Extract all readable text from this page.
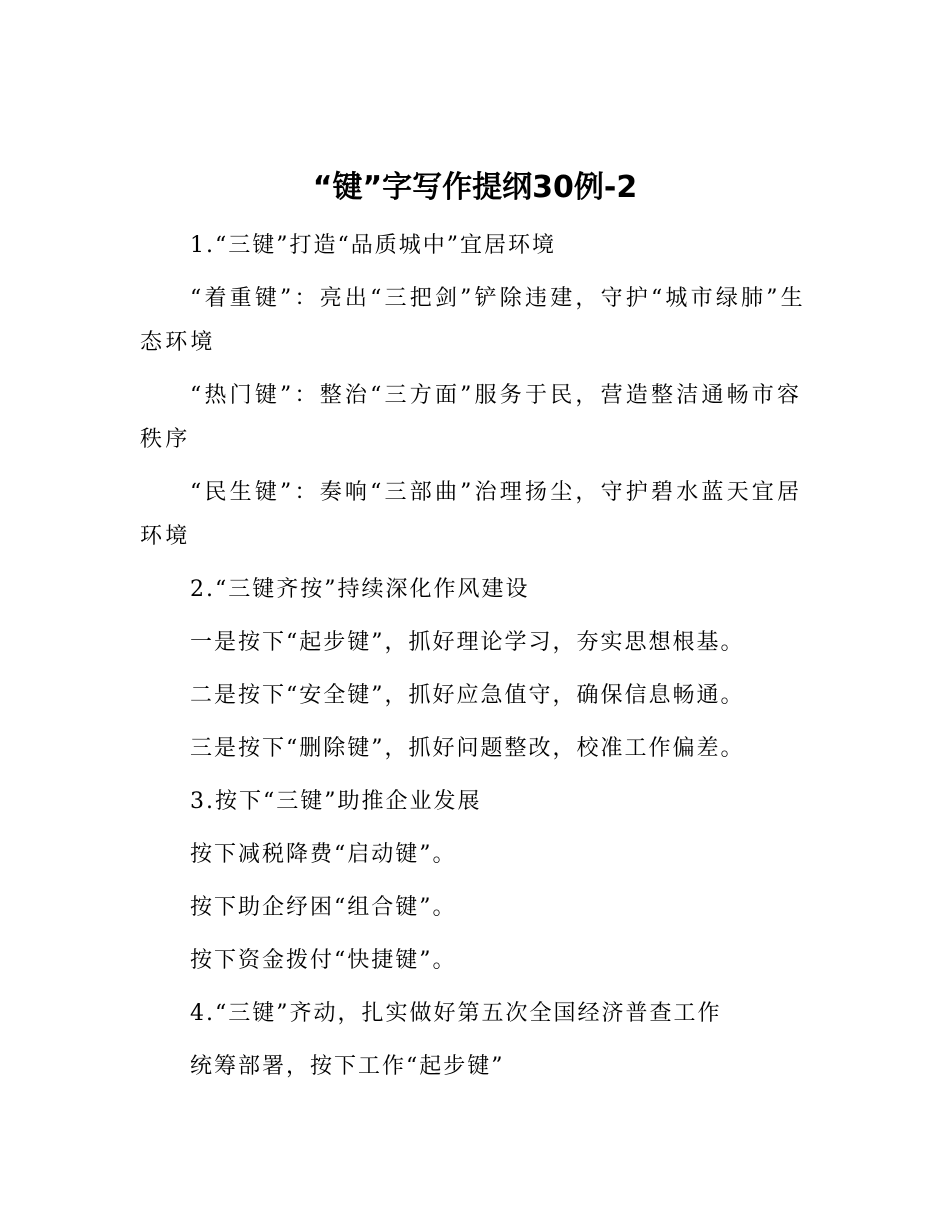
“键”字写作提纲30例-2

1.“三键”打造“品质城中”宜居环境

“着重键”：亮出“三把剑”铲除违建，守护“城市绿肺”生态环境

“热门键”：整治“三方面”服务于民，营造整洁通畅市容秩序

“民生键”：奏响“三部曲”治理扬尘，守护碧水蓝天宜居环境

2.“三键齐按”持续深化作风建设

一是按下“起步键”，抓好理论学习，夯实思想根基。

二是按下“安全键”，抓好应急值守，确保信息畅通。

三是按下“删除键”，抓好问题整改，校准工作偏差。

3.按下“三键”助推企业发展

按下减税降费“启动键”。

按下助企纾困“组合键”。

按下资金拨付“快捷键”。

4.“三键”齐动，扎实做好第五次全国经济普查工作

统筹部署，按下工作“起步键”
